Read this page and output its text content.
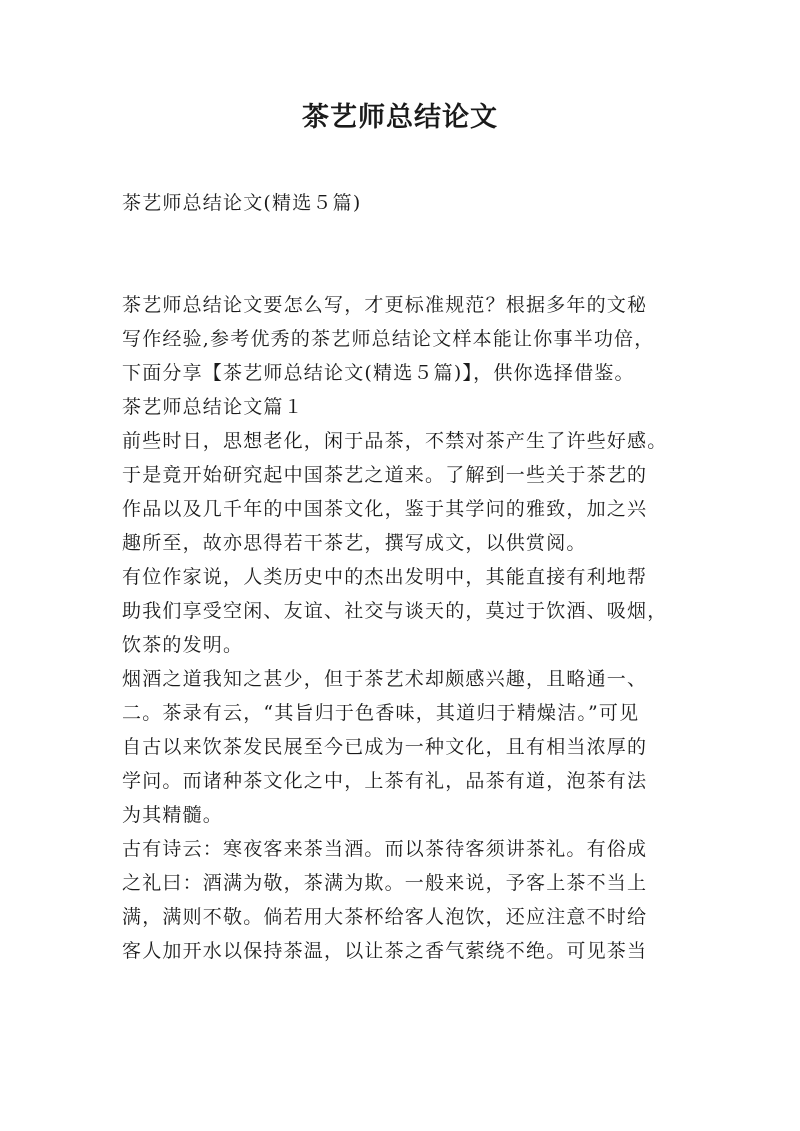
茶艺师总结论文

茶艺师总结论文(精选５篇)

茶艺师总结论文要怎么写，才更标准规范？根据多年的文秘

写作经验,参考优秀的茶艺师总结论文样本能让你事半功倍，

下面分享【茶艺师总结论文(精选５篇)】，供你选择借鉴。

茶艺师总结论文篇１

前些时日，思想老化，闲于品茶，不禁对茶产生了许些好感。

于是竟开始研究起中国茶艺之道来。了解到一些关于茶艺的

作品以及几千年的中国茶文化，鉴于其学问的雅致，加之兴

趣所至，故亦思得若干茶艺，撰写成文，以供赏阅。

有位作家说，人类历史中的杰出发明中，其能直接有利地帮

助我们享受空闲、友谊、社交与谈天的，莫过于饮酒、吸烟，

饮茶的发明。

烟酒之道我知之甚少，但于茶艺术却颇感兴趣，且略通一、

二。茶录有云，“其旨归于色香味，其道归于精燥洁。”可见

自古以来饮茶发民展至今已成为一种文化，且有相当浓厚的

学问。而诸种茶文化之中，上茶有礼，品茶有道，泡茶有法

为其精髓。

古有诗云：寒夜客来茶当酒。而以茶待客须讲茶礼。有俗成

之礼曰：酒满为敬，茶满为欺。一般来说，予客上茶不当上

满，满则不敬。倘若用大茶杯给客人泡饮，还应注意不时给

客人加开水以保持茶温，以让茶之香气萦绕不绝。可见茶当
